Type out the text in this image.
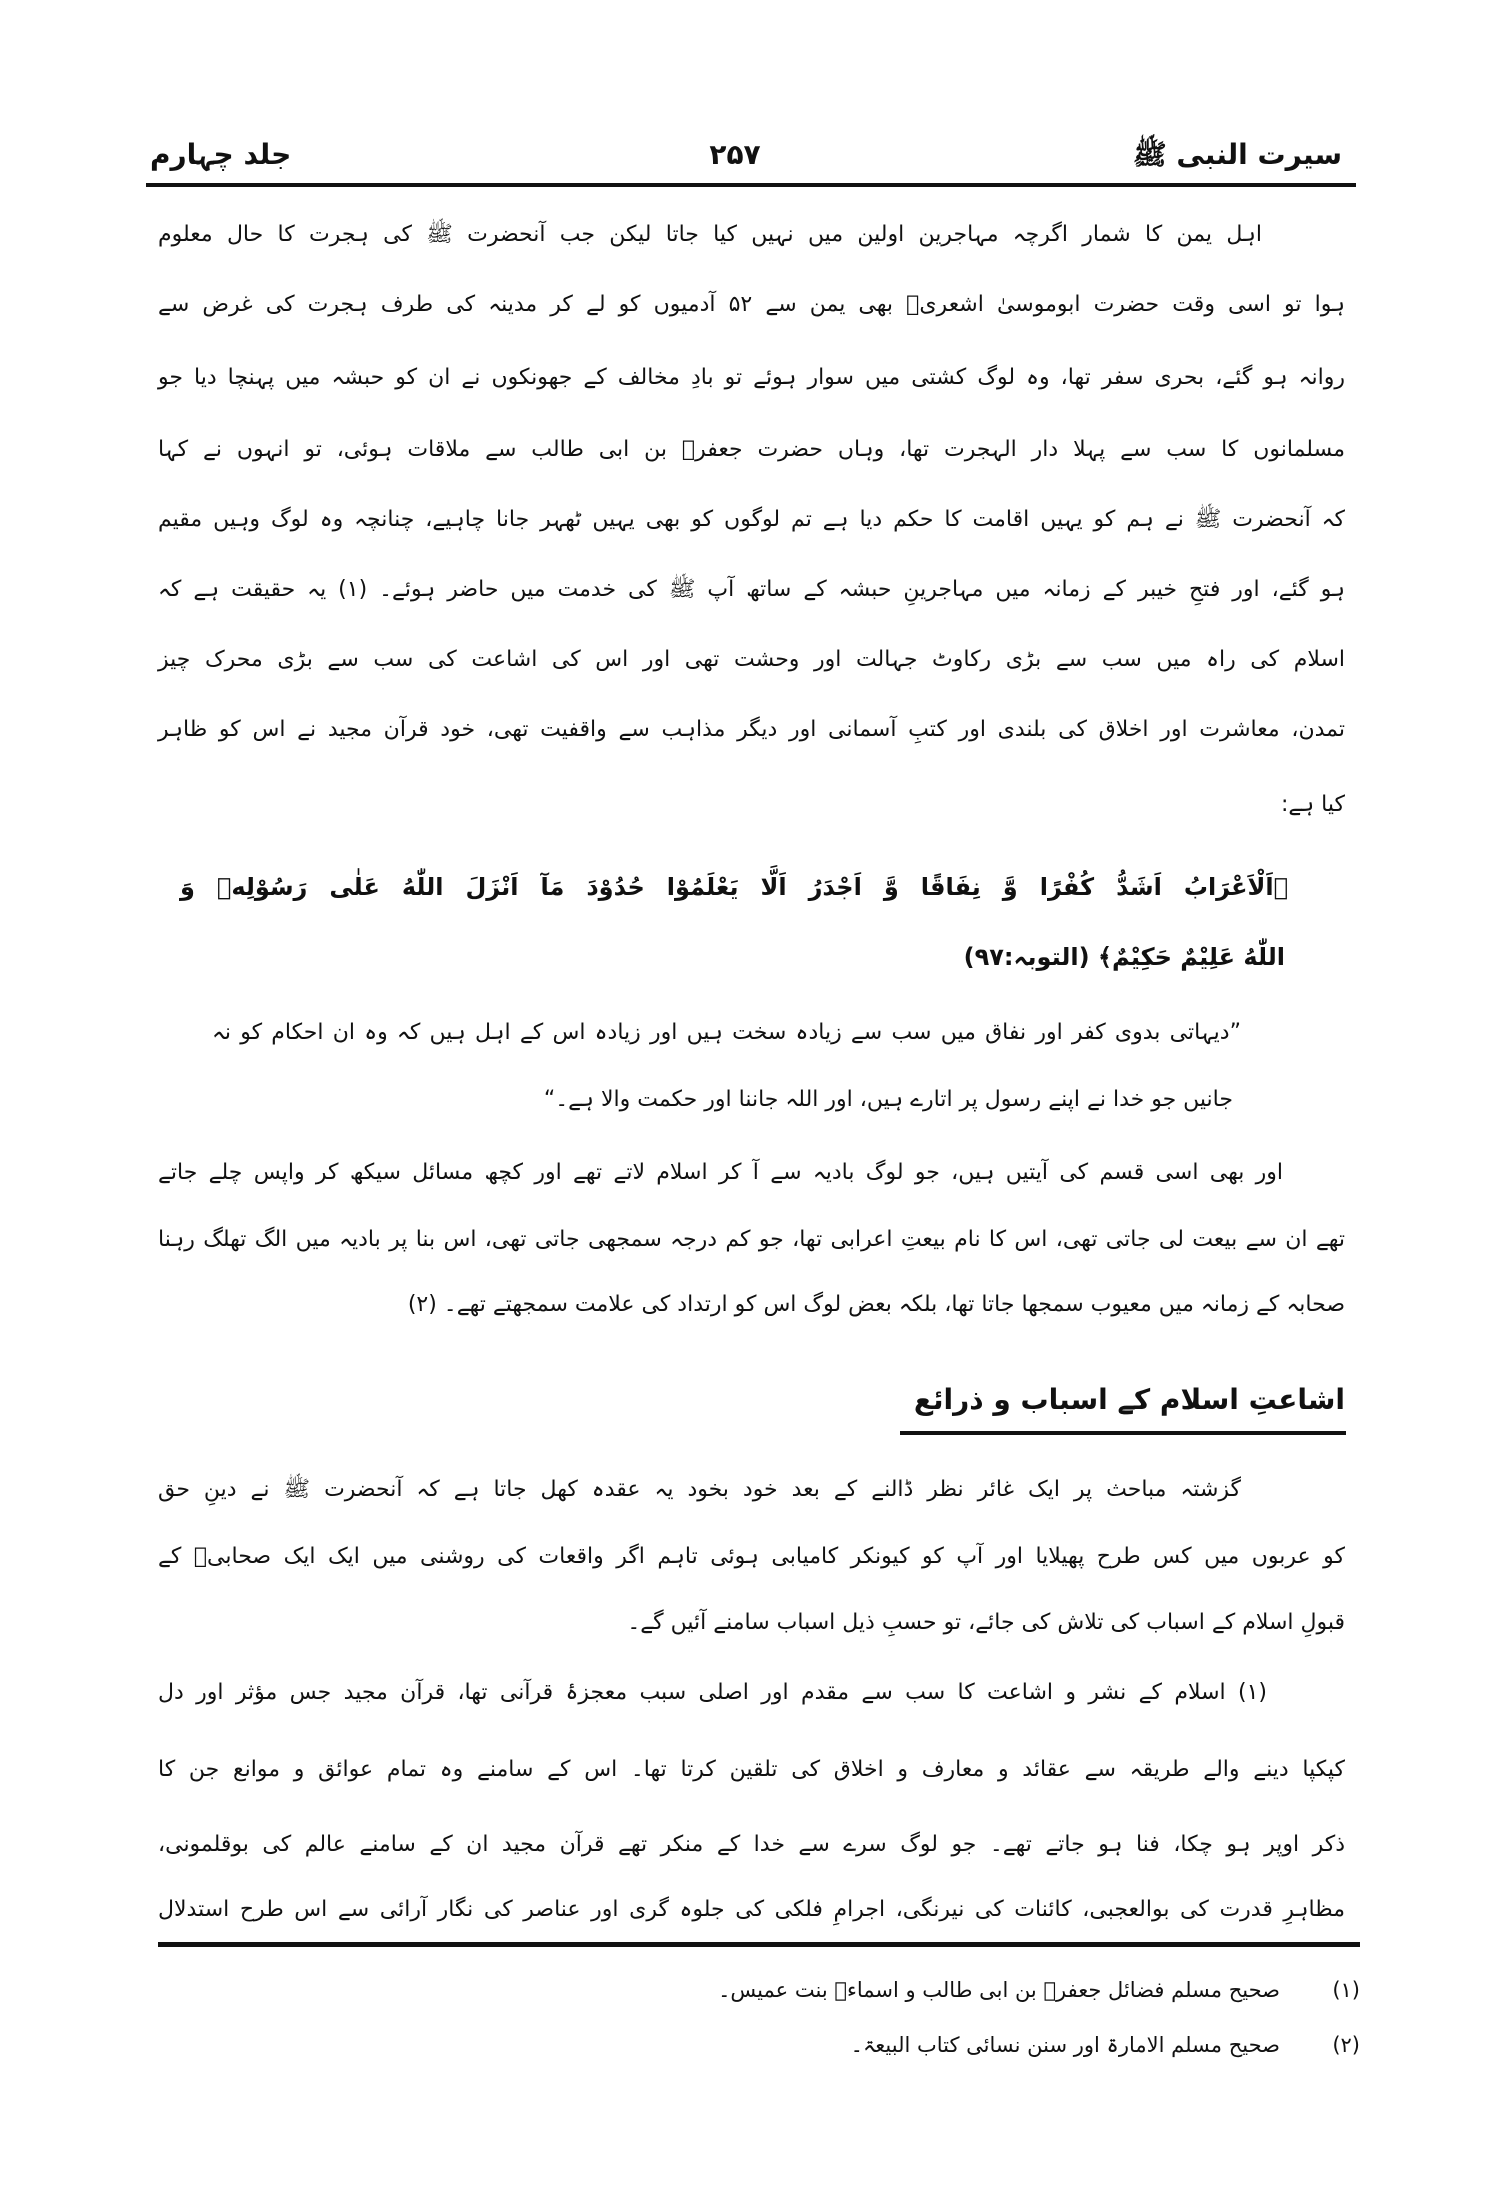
جلد چہارم	۲۵۷	سیرت النبی ﷺ
اہل یمن کا شمار اگرچہ مہاجرین اولین میں نہیں کیا جاتا لیکن جب آنحضرت ﷺ کی ہجرت کا حال معلوم
ہوا تو اسی وقت حضرت ابوموسیٰ اشعریؓ بھی یمن سے ۵۲ آدمیوں کو لے کر مدینہ کی طرف ہجرت کی غرض سے
روانہ ہو گئے، بحری سفر تھا، وہ لوگ کشتی میں سوار ہوئے تو بادِ مخالف کے جھونکوں نے ان کو حبشہ میں پہنچا دیا جو
مسلمانوں کا سب سے پہلا دار الہجرت تھا، وہاں حضرت جعفرؓ بن ابی طالب سے ملاقات ہوئی، تو انہوں نے کہا
کہ آنحضرت ﷺ نے ہم کو یہیں اقامت کا حکم دیا ہے تم لوگوں کو بھی یہیں ٹھہر جانا چاہیے، چنانچہ وہ لوگ وہیں مقیم
ہو گئے، اور فتحِ خیبر کے زمانہ میں مہاجرینِ حبشہ کے ساتھ آپ ﷺ کی خدمت میں حاضر ہوئے۔ (۱) یہ حقیقت ہے کہ
اسلام کی راہ میں سب سے بڑی رکاوٹ جہالت اور وحشت تھی اور اس کی اشاعت کی سب سے بڑی محرک چیز
تمدن، معاشرت اور اخلاق کی بلندی اور کتبِ آسمانی اور دیگر مذاہب سے واقفیت تھی، خود قرآن مجید نے اس کو ظاہر
کیا ہے:
﴿اَلْاَعْرَابُ اَشَدُّ كُفْرًا وَّ نِفَاقًا وَّ اَجْدَرُ اَلَّا يَعْلَمُوْا حُدُوْدَ مَآ اَنْزَلَ اللّٰهُ عَلٰى رَسُوْلِهٖ وَ
اللّٰهُ عَلِيْمٌ حَكِيْمٌ﴾ (التوبہ:۹۷)
”دیہاتی بدوی کفر اور نفاق میں سب سے زیادہ سخت ہیں اور زیادہ اس کے اہل ہیں کہ وہ ان احکام کو نہ
جانیں جو خدا نے اپنے رسول پر اتارے ہیں، اور اللہ جاننا اور حکمت والا ہے۔“
اور بھی اسی قسم کی آیتیں ہیں، جو لوگ بادیہ سے آ کر اسلام لاتے تھے اور کچھ مسائل سیکھ کر واپس چلے جاتے
تھے ان سے بیعت لی جاتی تھی، اس کا نام بیعتِ اعرابی تھا، جو کم درجہ سمجھی جاتی تھی، اس بنا پر بادیہ میں الگ تھلگ رہنا
صحابہ کے زمانہ میں معیوب سمجھا جاتا تھا، بلکہ بعض لوگ اس کو ارتداد کی علامت سمجھتے تھے۔ (۲)
اشاعتِ اسلام کے اسباب و ذرائع
گزشتہ مباحث پر ایک غائر نظر ڈالنے کے بعد خود بخود یہ عقدہ کھل جاتا ہے کہ آنحضرت ﷺ نے دینِ حق
کو عربوں میں کس طرح پھیلایا اور آپ کو کیونکر کامیابی ہوئی تاہم اگر واقعات کی روشنی میں ایک ایک صحابیؓ کے
قبولِ اسلام کے اسباب کی تلاش کی جائے، تو حسبِ ذیل اسباب سامنے آئیں گے۔
(۱) اسلام کے نشر و اشاعت کا سب سے مقدم اور اصلی سبب معجزۂ قرآنی تھا، قرآن مجید جس مؤثر اور دل
کپکپا دینے والے طریقہ سے عقائد و معارف و اخلاق کی تلقین کرتا تھا۔ اس کے سامنے وہ تمام عوائق و موانع جن کا
ذکر اوپر ہو چکا، فنا ہو جاتے تھے۔ جو لوگ سرے سے خدا کے منکر تھے قرآن مجید ان کے سامنے عالم کی بوقلمونی،
مظاہرِ قدرت کی بوالعجبی، کائنات کی نیرنگی، اجرامِ فلکی کی جلوہ گری اور عناصر کی نگار آرائی سے اس طرح استدلال
(۱)
صحیح مسلم فضائل جعفرؓ بن ابی طالب و اسماءؓ بنت عمیس۔
(۲)
صحیح مسلم الامارۃ اور سنن نسائی کتاب البیعۃ۔
